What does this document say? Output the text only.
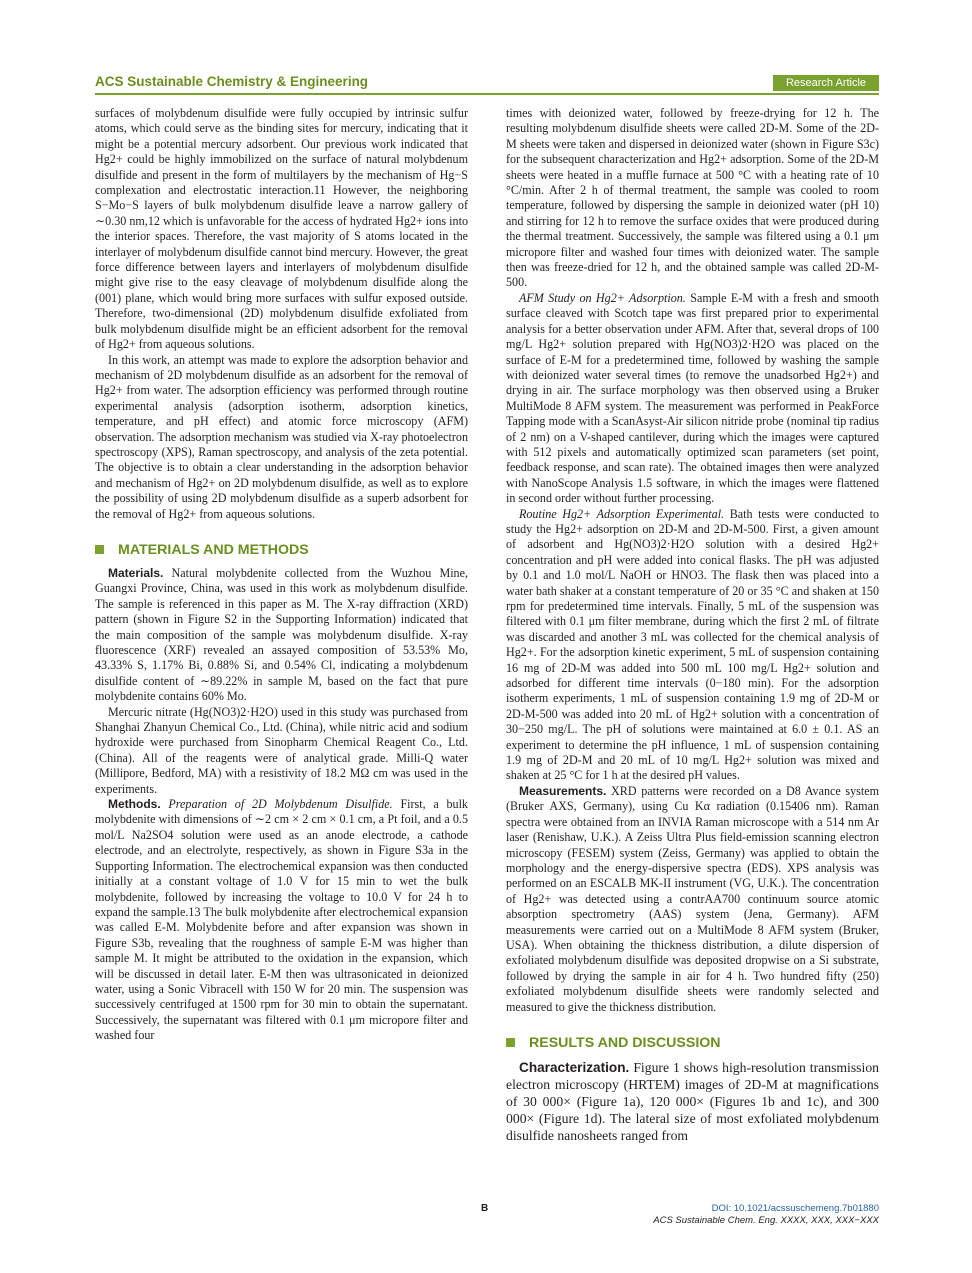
ACS Sustainable Chemistry & Engineering	Research Article

surfaces of molybdenum disulfide were fully occupied by intrinsic sulfur atoms, which could serve as the binding sites for mercury, indicating that it might be a potential mercury adsorbent. Our previous work indicated that Hg2+ could be highly immobilized on the surface of natural molybdenum disulfide and present in the form of multilayers by the mechanism of Hg−S complexation and electrostatic interaction.11 However, the neighboring S−Mo−S layers of bulk molybdenum disulfide leave a narrow gallery of ∼0.30 nm,12 which is unfavorable for the access of hydrated Hg2+ ions into the interior spaces. Therefore, the vast majority of S atoms located in the interlayer of molybdenum disulfide cannot bind mercury. However, the great force difference between layers and interlayers of molybdenum disulfide might give rise to the easy cleavage of molybdenum disulfide along the (001) plane, which would bring more surfaces with sulfur exposed outside. Therefore, two-dimensional (2D) molybdenum disulfide exfoliated from bulk molybdenum disulfide might be an efficient adsorbent for the removal of Hg2+ from aqueous solutions.

In this work, an attempt was made to explore the adsorption behavior and mechanism of 2D molybdenum disulfide as an adsorbent for the removal of Hg2+ from water. The adsorption efficiency was performed through routine experimental analysis (adsorption isotherm, adsorption kinetics, temperature, and pH effect) and atomic force microscopy (AFM) observation. The adsorption mechanism was studied via X-ray photoelectron spectroscopy (XPS), Raman spectroscopy, and analysis of the zeta potential. The objective is to obtain a clear understanding in the adsorption behavior and mechanism of Hg2+ on 2D molybdenum disulfide, as well as to explore the possibility of using 2D molybdenum disulfide as a superb adsorbent for the removal of Hg2+ from aqueous solutions.

MATERIALS AND METHODS

Materials. Natural molybdenite collected from the Wuzhou Mine, Guangxi Province, China, was used in this work as molybdenum disulfide. The sample is referenced in this paper as M. The X-ray diffraction (XRD) pattern (shown in Figure S2 in the Supporting Information) indicated that the main composition of the sample was molybdenum disulfide. X-ray fluorescence (XRF) revealed an assayed composition of 53.53% Mo, 43.33% S, 1.17% Bi, 0.88% Si, and 0.54% Cl, indicating a molybdenum disulfide content of ∼89.22% in sample M, based on the fact that pure molybdenite contains 60% Mo.

Mercuric nitrate (Hg(NO3)2·H2O) used in this study was purchased from Shanghai Zhanyun Chemical Co., Ltd. (China), while nitric acid and sodium hydroxide were purchased from Sinopharm Chemical Reagent Co., Ltd. (China). All of the reagents were of analytical grade. Milli-Q water (Millipore, Bedford, MA) with a resistivity of 18.2 MΩ cm was used in the experiments.

Methods. Preparation of 2D Molybdenum Disulfide. First, a bulk molybdenite with dimensions of ∼2 cm × 2 cm × 0.1 cm, a Pt foil, and a 0.5 mol/L Na2SO4 solution were used as an anode electrode, a cathode electrode, and an electrolyte, respectively, as shown in Figure S3a in the Supporting Information. The electrochemical expansion was then conducted initially at a constant voltage of 1.0 V for 15 min to wet the bulk molybdenite, followed by increasing the voltage to 10.0 V for 24 h to expand the sample.13 The bulk molybdenite after electrochemical expansion was called E-M. Molybdenite before and after expansion was shown in Figure S3b, revealing that the roughness of sample E-M was higher than sample M. It might be attributed to the oxidation in the expansion, which will be discussed in detail later. E-M then was ultrasonicated in deionized water, using a Sonic Vibracell with 150 W for 20 min. The suspension was successively centrifuged at 1500 rpm for 30 min to obtain the supernatant. Successively, the supernatant was filtered with 0.1 μm micropore filter and washed four

times with deionized water, followed by freeze-drying for 12 h. The resulting molybdenum disulfide sheets were called 2D-M. Some of the 2D-M sheets were taken and dispersed in deionized water (shown in Figure S3c) for the subsequent characterization and Hg2+ adsorption. Some of the 2D-M sheets were heated in a muffle furnace at 500 °C with a heating rate of 10 °C/min. After 2 h of thermal treatment, the sample was cooled to room temperature, followed by dispersing the sample in deionized water (pH 10) and stirring for 12 h to remove the surface oxides that were produced during the thermal treatment. Successively, the sample was filtered using a 0.1 μm micropore filter and washed four times with deionized water. The sample then was freeze-dried for 12 h, and the obtained sample was called 2D-M-500.

AFM Study on Hg2+ Adsorption. Sample E-M with a fresh and smooth surface cleaved with Scotch tape was first prepared prior to experimental analysis for a better observation under AFM. After that, several drops of 100 mg/L Hg2+ solution prepared with Hg(NO3)2·H2O was placed on the surface of E-M for a predetermined time, followed by washing the sample with deionized water several times (to remove the unadsorbed Hg2+) and drying in air. The surface morphology was then observed using a Bruker MultiMode 8 AFM system. The measurement was performed in PeakForce Tapping mode with a ScanAsyst-Air silicon nitride probe (nominal tip radius of 2 nm) on a V-shaped cantilever, during which the images were captured with 512 pixels and automatically optimized scan parameters (set point, feedback response, and scan rate). The obtained images then were analyzed with NanoScope Analysis 1.5 software, in which the images were flattened in second order without further processing.

Routine Hg2+ Adsorption Experimental. Bath tests were conducted to study the Hg2+ adsorption on 2D-M and 2D-M-500. First, a given amount of adsorbent and Hg(NO3)2·H2O solution with a desired Hg2+ concentration and pH were added into conical flasks. The pH was adjusted by 0.1 and 1.0 mol/L NaOH or HNO3. The flask then was placed into a water bath shaker at a constant temperature of 20 or 35 °C and shaken at 150 rpm for predetermined time intervals. Finally, 5 mL of the suspension was filtered with 0.1 μm filter membrane, during which the first 2 mL of filtrate was discarded and another 3 mL was collected for the chemical analysis of Hg2+. For the adsorption kinetic experiment, 5 mL of suspension containing 16 mg of 2D-M was added into 500 mL 100 mg/L Hg2+ solution and adsorbed for different time intervals (0−180 min). For the adsorption isotherm experiments, 1 mL of suspension containing 1.9 mg of 2D-M or 2D-M-500 was added into 20 mL of Hg2+ solution with a concentration of 30−250 mg/L. The pH of solutions were maintained at 6.0 ± 0.1. AS an experiment to determine the pH influence, 1 mL of suspension containing 1.9 mg of 2D-M and 20 mL of 10 mg/L Hg2+ solution was mixed and shaken at 25 °C for 1 h at the desired pH values.

Measurements. XRD patterns were recorded on a D8 Avance system (Bruker AXS, Germany), using Cu Kα radiation (0.15406 nm). Raman spectra were obtained from an INVIA Raman microscope with a 514 nm Ar laser (Renishaw, U.K.). A Zeiss Ultra Plus field-emission scanning electron microscopy (FESEM) system (Zeiss, Germany) was applied to obtain the morphology and the energy-dispersive spectra (EDS). XPS analysis was performed on an ESCALB MK-II instrument (VG, U.K.). The concentration of Hg2+ was detected using a contrAA700 continuum source atomic absorption spectrometry (AAS) system (Jena, Germany). AFM measurements were carried out on a MultiMode 8 AFM system (Bruker, USA). When obtaining the thickness distribution, a dilute dispersion of exfoliated molybdenum disulfide was deposited dropwise on a Si substrate, followed by drying the sample in air for 4 h. Two hundred fifty (250) exfoliated molybdenum disulfide sheets were randomly selected and measured to give the thickness distribution.

RESULTS AND DISCUSSION

Characterization. Figure 1 shows high-resolution transmission electron microscopy (HRTEM) images of 2D-M at magnifications of 30 000× (Figure 1a), 120 000× (Figures 1b and 1c), and 300 000× (Figure 1d). The lateral size of most exfoliated molybdenum disulfide nanosheets ranged from

B	DOI: 10.1021/acssuschemeng.7b01880
ACS Sustainable Chem. Eng. XXXX, XXX, XXX−XXX
